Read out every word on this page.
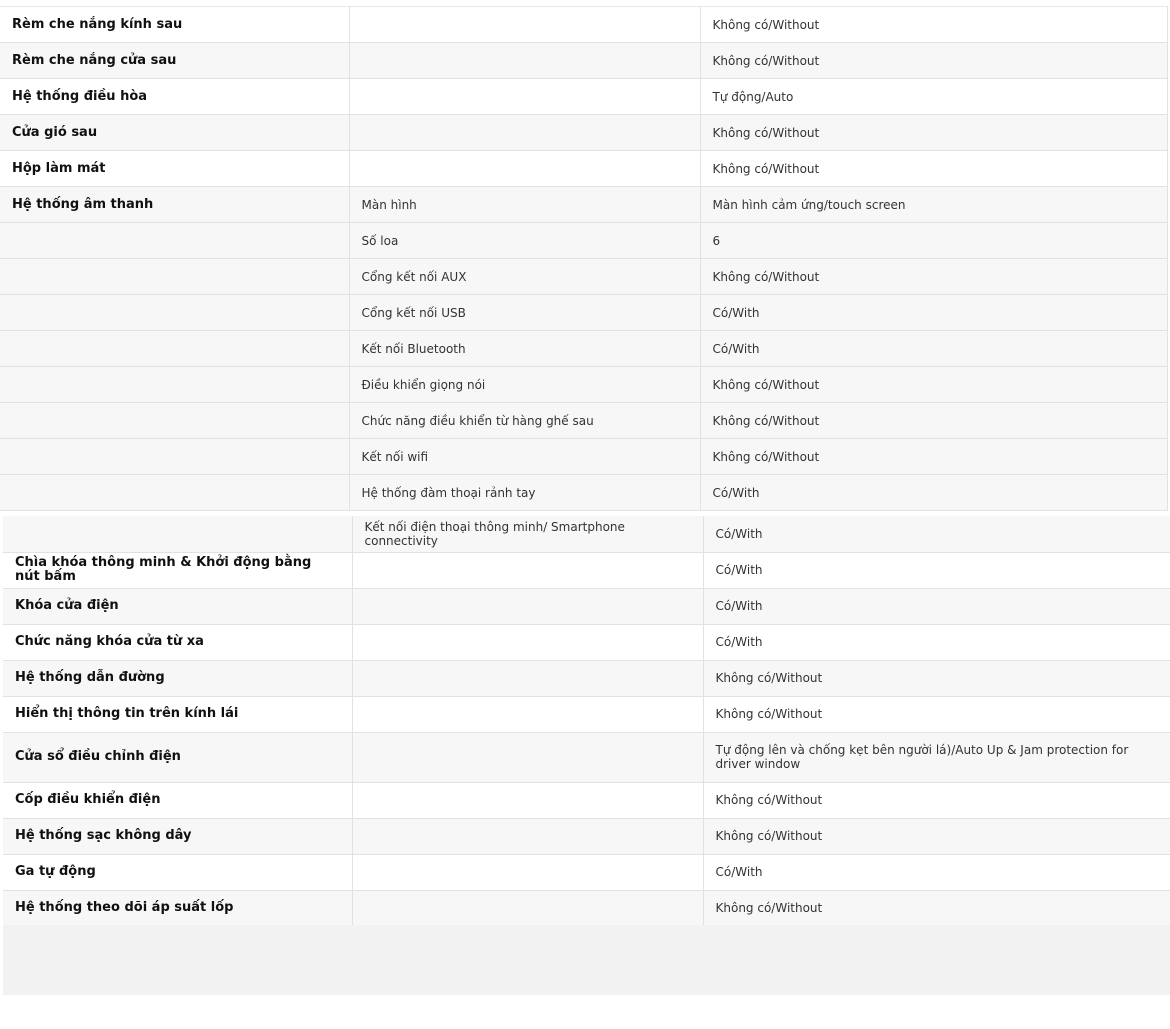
Rèm che nắng kính sau		Không có/Without
Rèm che nắng cửa sau		Không có/Without
Hệ thống điều hòa		Tự động/Auto
Cửa gió sau		Không có/Without
Hộp làm mát		Không có/Without
Hệ thống âm thanh	Màn hình	Màn hình cảm ứng/touch screen
	Số loa	6
	Cổng kết nối AUX	Không có/Without
	Cổng kết nối USB	Có/With
	Kết nối Bluetooth	Có/With
	Điều khiển giọng nói	Không có/Without
	Chức năng điều khiển từ hàng ghế sau	Không có/Without
	Kết nối wifi	Không có/Without
	Hệ thống đàm thoại rảnh tay	Có/With
	Kết nối điện thoại thông minh/ Smartphone connectivity	Có/With
Chìa khóa thông minh & Khởi động bằng nút bấm		Có/With
Khóa cửa điện		Có/With
Chức năng khóa cửa từ xa		Có/With
Hệ thống dẫn đường		Không có/Without
Hiển thị thông tin trên kính lái		Không có/Without
Cửa sổ điều chỉnh điện		Tự động lên và chống kẹt bên người lá)/Auto Up & Jam protection for driver window
Cốp điều khiển điện		Không có/Without
Hệ thống sạc không dây		Không có/Without
Ga tự động		Có/With
Hệ thống theo dõi áp suất lốp		Không có/Without
